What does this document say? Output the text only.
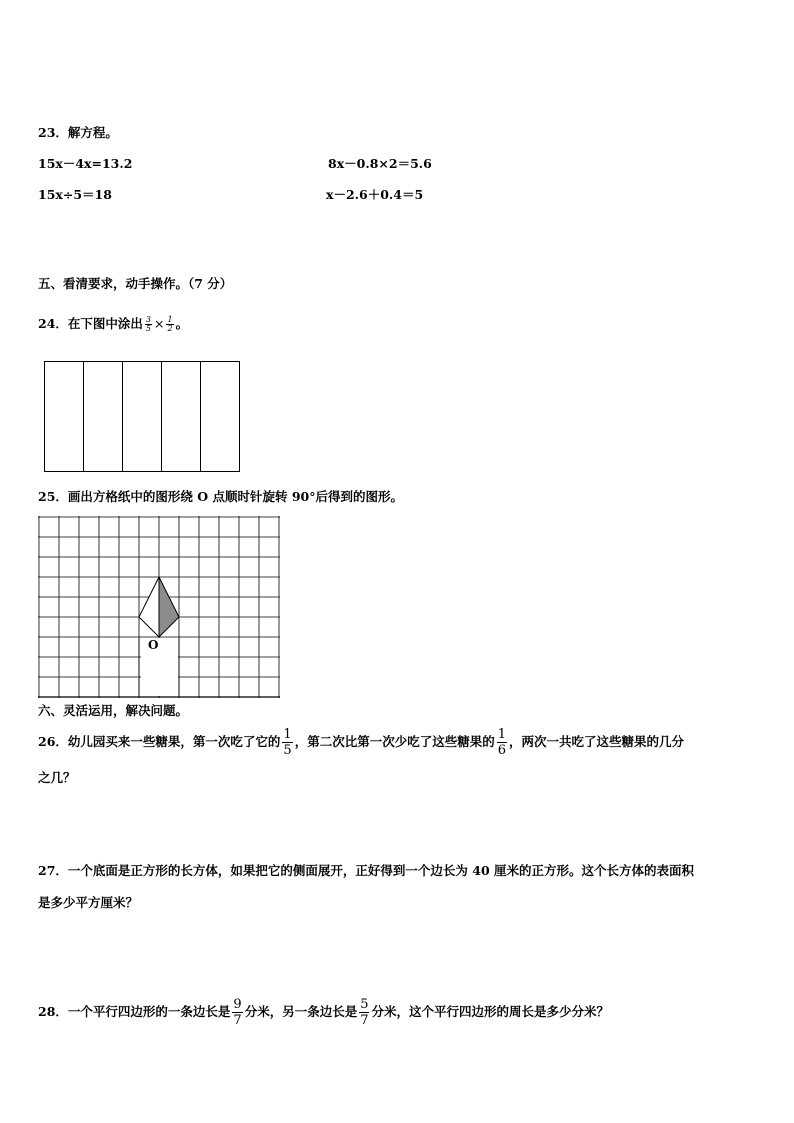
23．解方程。
15x－4x=13.2	8x－0.8×2＝5.6
15x÷5＝18	x－2.6＋0.4＝5
五、看清要求，动手操作。（7 分）
24．在下图中涂出 $\frac{3}{5} \times \frac{1}{2}$ 。
25．画出方格纸中的图形绕 O 点顺时针旋转 90°后得到的图形。
O
六、灵活运用，解决问题。
26．幼儿园买来一些糖果，第一次吃了它的 $\frac{1}{5}$ ，第二次比第一次少吃了这些糖果的 $\frac{1}{6}$ ，两次一共吃了这些糖果的几分
之几？
27．一个底面是正方形的长方体，如果把它的侧面展开，正好得到一个边长为 40 厘米的正方形。这个长方体的表面积
是多少平方厘米？
28．一个平行四边形的一条边长是 $\frac{9}{7}$ 分米，另一条边长是 $\frac{5}{7}$ 分米，这个平行四边形的周长是多少分米？
